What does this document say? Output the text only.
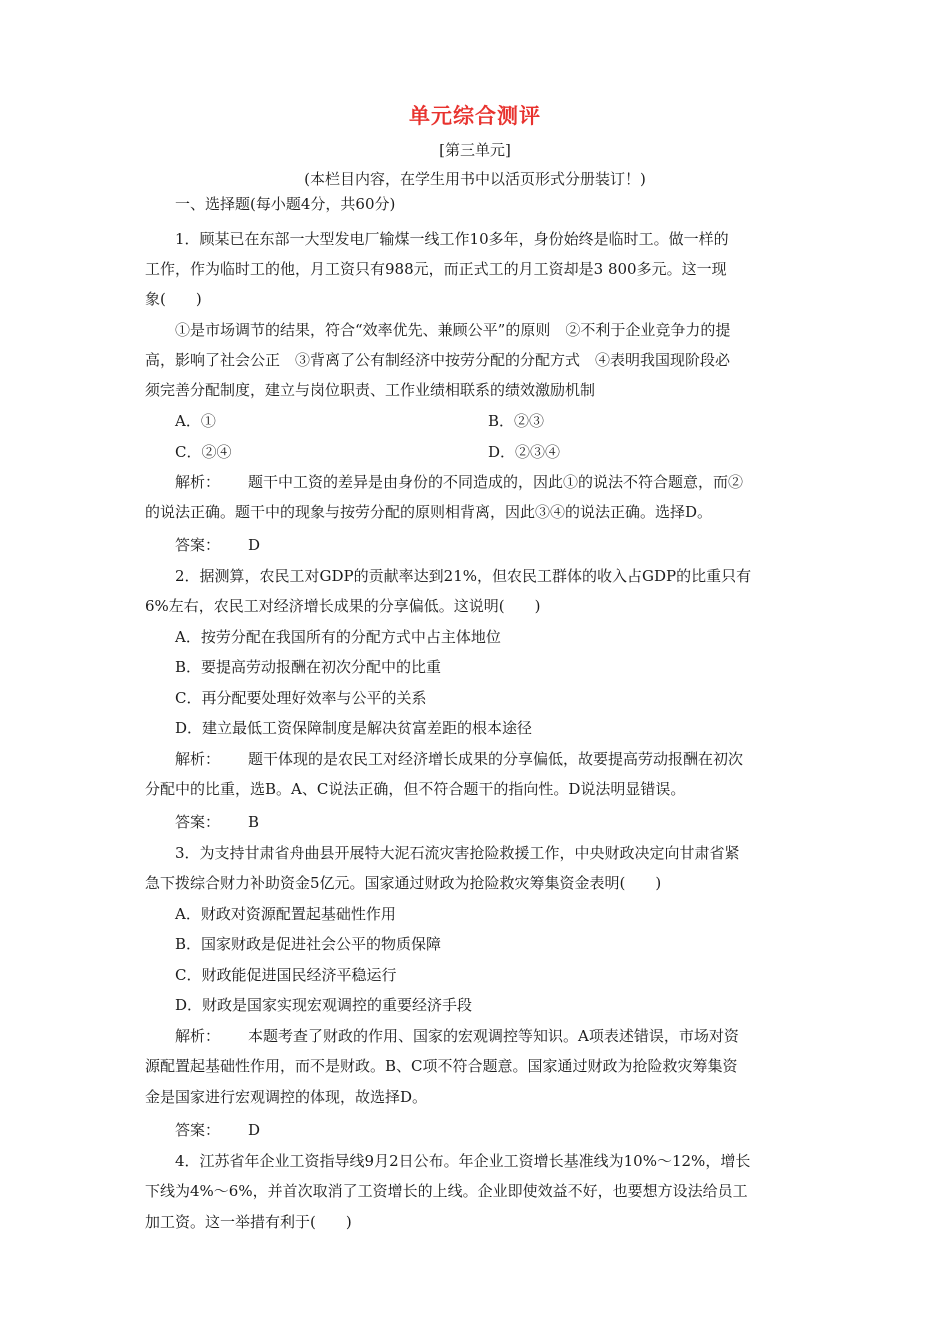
单元综合测评
[第三单元]
(本栏目内容，在学生用书中以活页形式分册装订！)
一、选择题(每小题4分，共60分)
1．顾某已在东部一大型发电厂输煤一线工作10多年，身份始终是临时工。做一样的
工作，作为临时工的他，月工资只有988元，而正式工的月工资却是3 800多元。这一现
象(　　)
①是市场调节的结果，符合“效率优先、兼顾公平”的原则　②不利于企业竞争力的提
高，影响了社会公正　③背离了公有制经济中按劳分配的分配方式　④表明我国现阶段必
须完善分配制度，建立与岗位职责、工作业绩相联系的绩效激励机制
A．①	B．②③
C．②④	D．②③④
解析： 题干中工资的差异是由身份的不同造成的，因此①的说法不符合题意，而②
的说法正确。题干中的现象与按劳分配的原则相背离，因此③④的说法正确。选择D。
答案： D
2．据测算，农民工对GDP的贡献率达到21%，但农民工群体的收入占GDP的比重只有
6%左右，农民工对经济增长成果的分享偏低。这说明(　　)
A．按劳分配在我国所有的分配方式中占主体地位
B．要提高劳动报酬在初次分配中的比重
C．再分配要处理好效率与公平的关系
D．建立最低工资保障制度是解决贫富差距的根本途径
解析： 题干体现的是农民工对经济增长成果的分享偏低，故要提高劳动报酬在初次
分配中的比重，选B。A、C说法正确，但不符合题干的指向性。D说法明显错误。
答案： B
3．为支持甘肃省舟曲县开展特大泥石流灾害抢险救援工作，中央财政决定向甘肃省紧
急下拨综合财力补助资金5亿元。国家通过财政为抢险救灾筹集资金表明(　　)
A．财政对资源配置起基础性作用
B．国家财政是促进社会公平的物质保障
C．财政能促进国民经济平稳运行
D．财政是国家实现宏观调控的重要经济手段
解析： 本题考查了财政的作用、国家的宏观调控等知识。A项表述错误，市场对资
源配置起基础性作用，而不是财政。B、C项不符合题意。国家通过财政为抢险救灾筹集资
金是国家进行宏观调控的体现，故选择D。
答案： D
4．江苏省年企业工资指导线9月2日公布。年企业工资增长基准线为10%～12%，增长
下线为4%～6%，并首次取消了工资增长的上线。企业即使效益不好，也要想方设法给员工
加工资。这一举措有利于(　　)
